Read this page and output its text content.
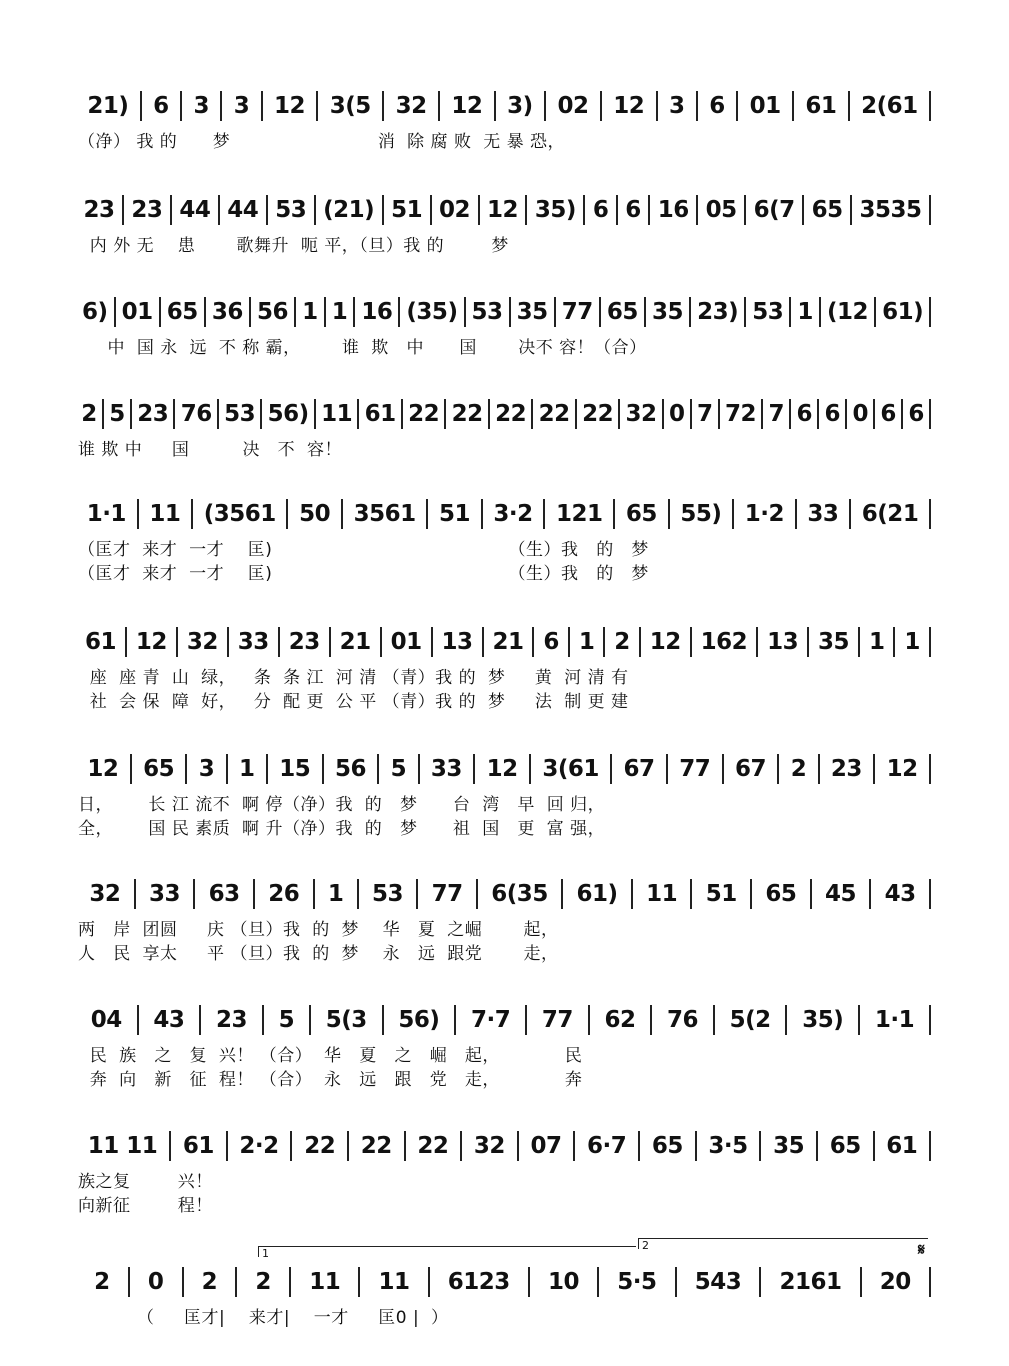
21)	6	3	3	12	3(5	32	12	3)	02	12	3	6	01	61	2(61
（净） 我 的      梦                         消  除 腐 败  无 暴 恐，
23 23 44 44 53 (21) 51 02 12 35) 6 6 16 05 6(7 65 3535
内 外 无    患       歌舞升  呃 平，（旦）我 的        梦
6) 01 65 36 56 1 1 16 (35) 53 35 77 65 35 23) 53 1 (12 61)
中  国 永  远  不 称 霸，       谁  欺   中      国       决不 容！（合）
2 5 23 76 53 56) 11 61 22 22 22 22 22 32 0 7 72 7 6 6 0 6 6
谁 欺 中     国         决   不  容！
1·1	11	(3561	50	3561	51	3·2	121	65	55)	1·2	33	6(21
（匡才  来才  一才    匡)                                        （生）我   的   梦
（匡才  来才  一才    匡)                                        （生）我   的   梦
61 12 32 33 23 21 01 13 21 6 1 2 12 162 13 35 1 1
座  座 青  山  绿，   条  条 江  河 清 （青）我 的  梦     黄  河 清 有
社  会 保  障  好，   分  配 更  公 平 （青）我 的  梦     法  制 更 建
12	65	3	1	15	56	5	33	12	3(61	67	77	67	2	23	12
日，      长 江 流不  啊 停（净）我  的   梦      台  湾   早  回 归，
全，      国 民 素质  啊 升（净）我  的   梦      祖  国   更  富 强，
32	33	63	26	1	53	77	6(35	61)	11	51	65	45	43
两   岸  团圆     庆 （旦）我  的  梦    华   夏  之崛       起，
人   民  享太     平 （旦）我  的  梦    永   远  跟党       走，
04	43	23	5	5(3	56)	7·7	77	62	76	5(2	35)	1·1
民  族   之   复  兴！ （合）  华   夏   之   崛   起，           民
奔  向   新   征  程！ （合）  永   远   跟   党   走，           奔
11 11	61	2·2	22	22	22	32	07	6·7	65	3·5	35	65	61
族之复        兴！
向新征        程！
2	0	2	2	11	11	6123	10	5·5	543	2161	20
（     匡才|    来才|    一才     匡0 |  ）
1
2	𝄋
